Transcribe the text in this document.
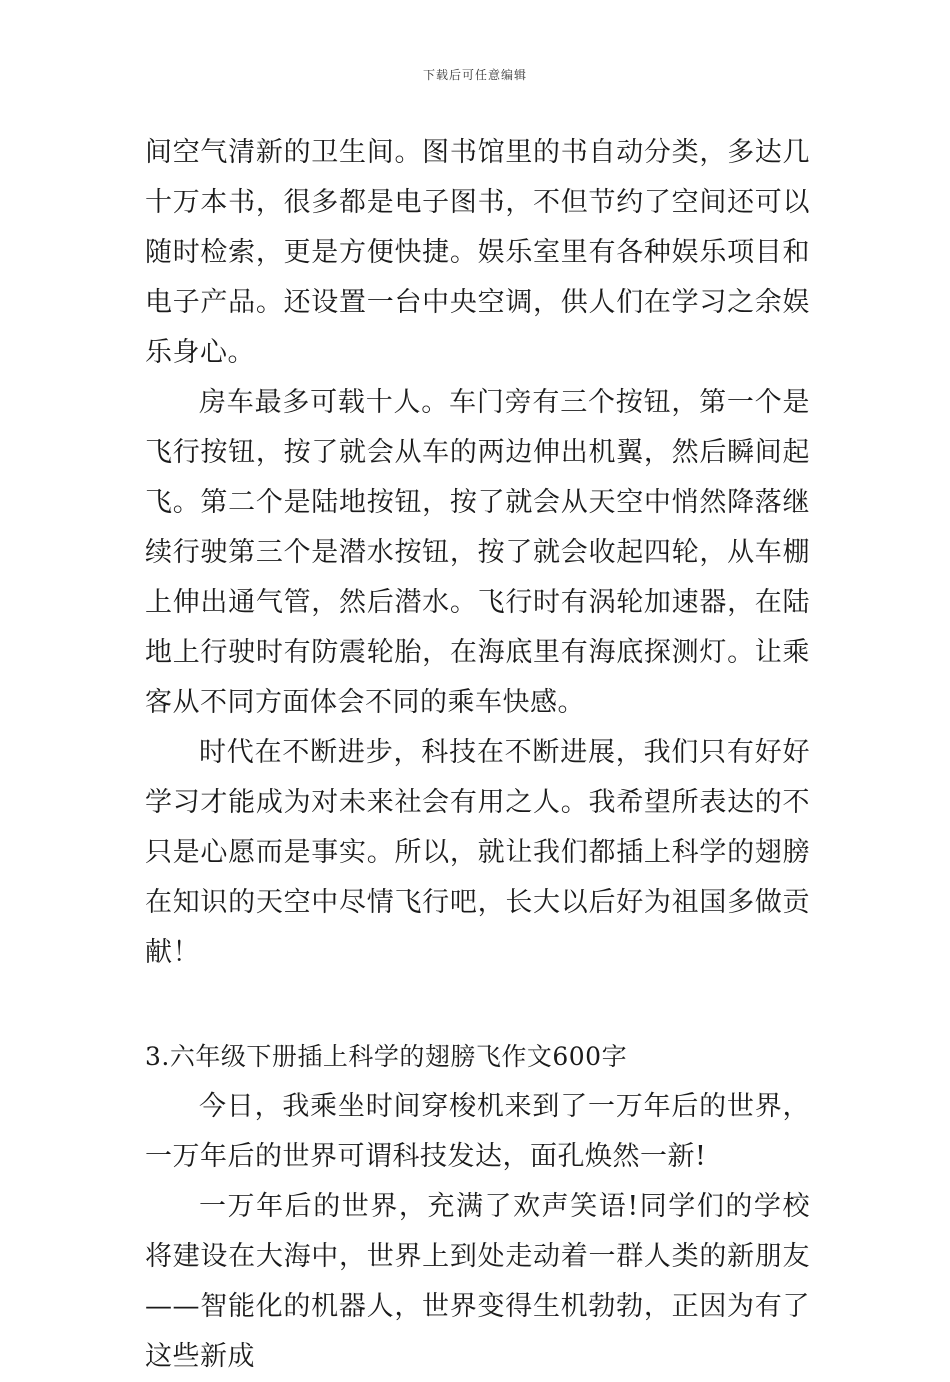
下载后可任意编辑

间空气清新的卫生间。图书馆里的书自动分类，多达几十万本书，很多都是电子图书，不但节约了空间还可以随时检索，更是方便快捷。娱乐室里有各种娱乐项目和电子产品。还设置一台中央空调，供人们在学习之余娱乐身心。

房车最多可载十人。车门旁有三个按钮，第一个是飞行按钮，按了就会从车的两边伸出机翼，然后瞬间起飞。第二个是陆地按钮，按了就会从天空中悄然降落继续行驶第三个是潜水按钮，按了就会收起四轮，从车棚上伸出通气管，然后潜水。飞行时有涡轮加速器，在陆地上行驶时有防震轮胎，在海底里有海底探测灯。让乘客从不同方面体会不同的乘车快感。

时代在不断进步，科技在不断进展，我们只有好好学习才能成为对未来社会有用之人。我希望所表达的不只是心愿而是事实。所以，就让我们都插上科学的翅膀在知识的天空中尽情飞行吧，长大以后好为祖国多做贡献！

3.六年级下册插上科学的翅膀飞作文600字

今日，我乘坐时间穿梭机来到了一万年后的世界，一万年后的世界可谓科技发达，面孔焕然一新!

一万年后的世界，充满了欢声笑语!同学们的学校将建设在大海中，世界上到处走动着一群人类的新朋友——智能化的机器人，世界变得生机勃勃，正因为有了这些新成
